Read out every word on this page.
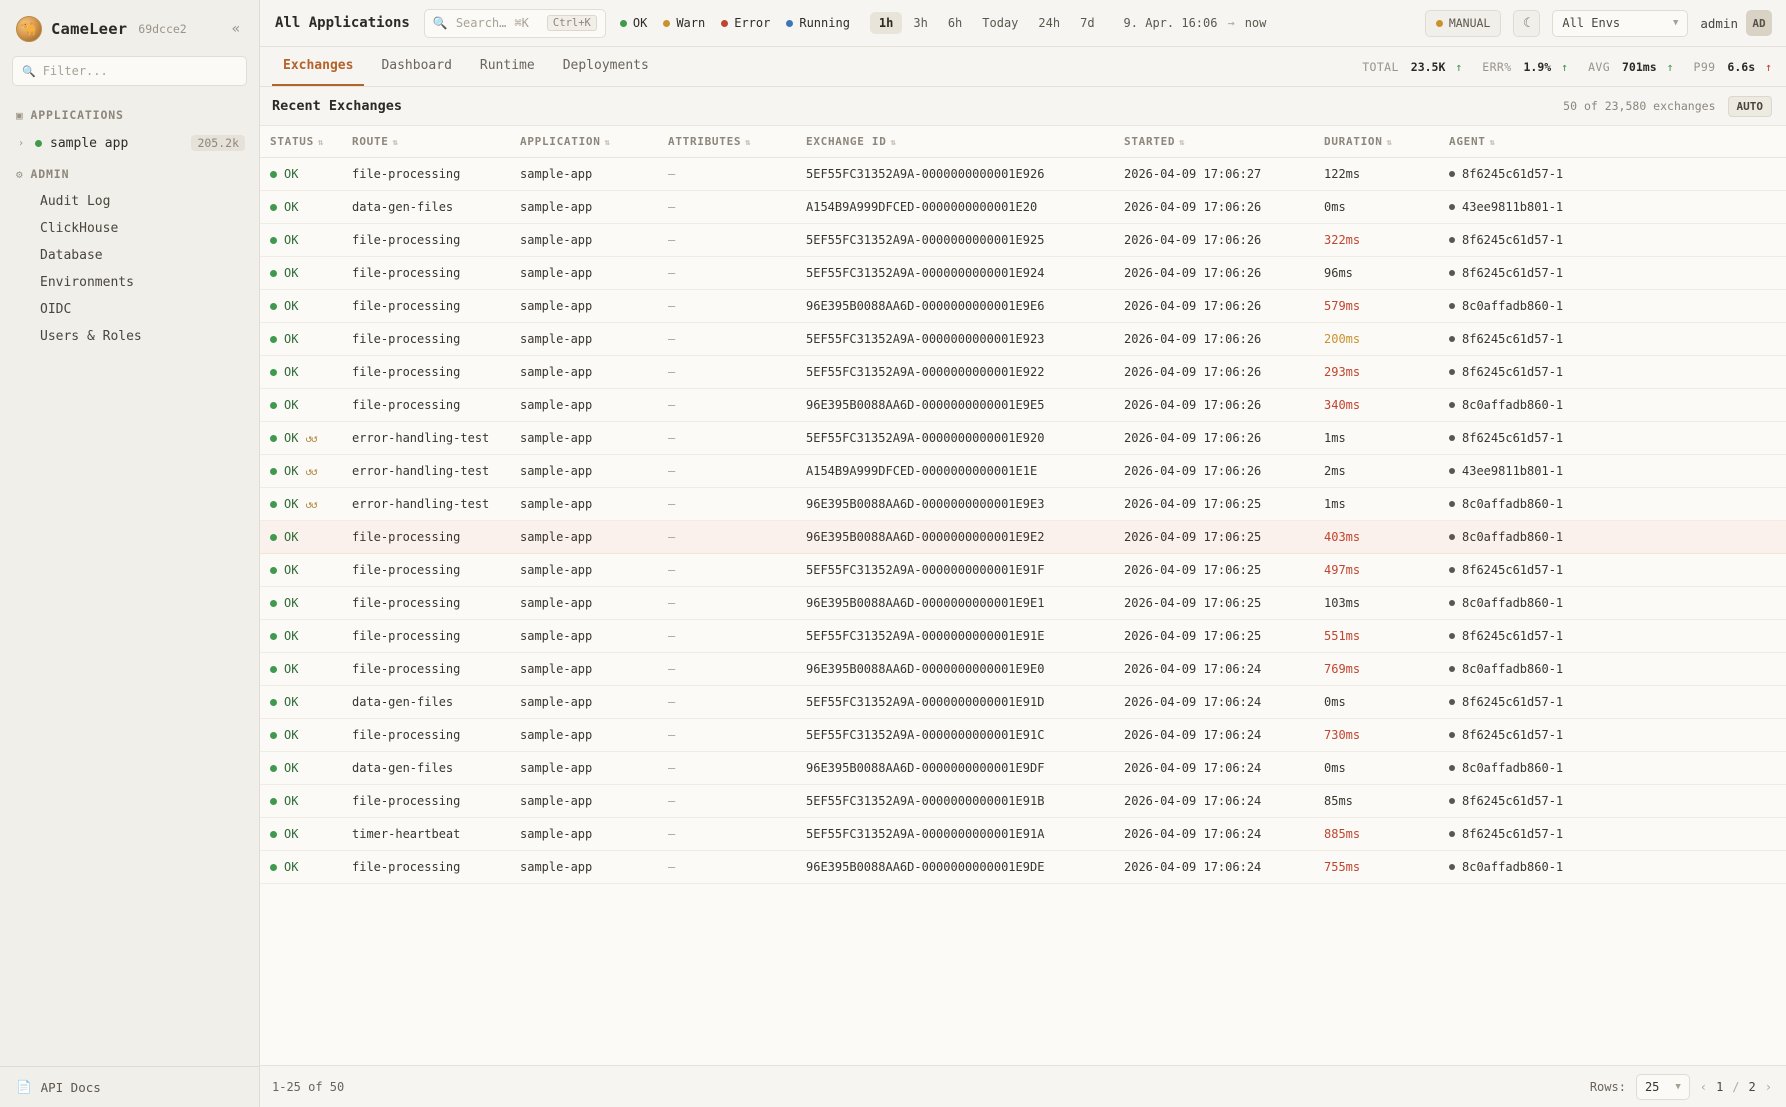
🐪 CameLeer 69dcce2	«
🔍
Filter...
▣ APPLICATIONS
› sample app	205.2k
⚙ ADMIN
Audit Log
ClickHouse
Database
Environments
OIDC
Users & Roles
📄 API Docs
All Applications 🔍 Search… ⌘K	Ctrl+K	OK Warn Error Running	1h	3h	6h	Today	24h	7d	9. Apr. 16:06 → now	MANUAL	☾	All Envs	▼ admin	AD
Exchanges	Dashboard	Runtime	Deployments	TOTAL 23.5K ↑ ERR% 1.9% ↑ AVG 701ms ↑ P99 6.6s ↑
Recent Exchanges	50 of 23,580 exchanges	AUTO
STATUS ⇅	ROUTE ⇅	APPLICATION ⇅	ATTRIBUTES ⇅	EXCHANGE ID ⇅	STARTED ⇅	DURATION ⇅	AGENT ⇅

OK	file-processing	sample-app	—	5EF55FC31352A9A-0000000000001E926	2026-04-09 17:06:27	122ms	8f6245c61d57-1

OK	data-gen-files	sample-app	—	A154B9A999DFCED-0000000000001E20	2026-04-09 17:06:26	0ms	43ee9811b801-1

OK	file-processing	sample-app	—	5EF55FC31352A9A-0000000000001E925	2026-04-09 17:06:26	322ms	8f6245c61d57-1

OK	file-processing	sample-app	—	5EF55FC31352A9A-0000000000001E924	2026-04-09 17:06:26	96ms	8f6245c61d57-1

OK	file-processing	sample-app	—	96E395B0088AA6D-0000000000001E9E6	2026-04-09 17:06:26	579ms	8c0affadb860-1

OK	file-processing	sample-app	—	5EF55FC31352A9A-0000000000001E923	2026-04-09 17:06:26	200ms	8f6245c61d57-1

OK	file-processing	sample-app	—	5EF55FC31352A9A-0000000000001E922	2026-04-09 17:06:26	293ms	8f6245c61d57-1

OK	file-processing	sample-app	—	96E395B0088AA6D-0000000000001E9E5	2026-04-09 17:06:26	340ms	8c0affadb860-1

OK ↺↺	error-handling-test	sample-app	—	5EF55FC31352A9A-0000000000001E920	2026-04-09 17:06:26	1ms	8f6245c61d57-1

OK ↺↺	error-handling-test	sample-app	—	A154B9A999DFCED-0000000000001E1E	2026-04-09 17:06:26	2ms	43ee9811b801-1

OK ↺↺	error-handling-test	sample-app	—	96E395B0088AA6D-0000000000001E9E3	2026-04-09 17:06:25	1ms	8c0affadb860-1

OK	file-processing	sample-app	—	96E395B0088AA6D-0000000000001E9E2	2026-04-09 17:06:25	403ms	8c0affadb860-1

OK	file-processing	sample-app	—	5EF55FC31352A9A-0000000000001E91F	2026-04-09 17:06:25	497ms	8f6245c61d57-1

OK	file-processing	sample-app	—	96E395B0088AA6D-0000000000001E9E1	2026-04-09 17:06:25	103ms	8c0affadb860-1

OK	file-processing	sample-app	—	5EF55FC31352A9A-0000000000001E91E	2026-04-09 17:06:25	551ms	8f6245c61d57-1

OK	file-processing	sample-app	—	96E395B0088AA6D-0000000000001E9E0	2026-04-09 17:06:24	769ms	8c0affadb860-1

OK	data-gen-files	sample-app	—	5EF55FC31352A9A-0000000000001E91D	2026-04-09 17:06:24	0ms	8f6245c61d57-1

OK	file-processing	sample-app	—	5EF55FC31352A9A-0000000000001E91C	2026-04-09 17:06:24	730ms	8f6245c61d57-1

OK	data-gen-files	sample-app	—	96E395B0088AA6D-0000000000001E9DF	2026-04-09 17:06:24	0ms	8c0affadb860-1

OK	file-processing	sample-app	—	5EF55FC31352A9A-0000000000001E91B	2026-04-09 17:06:24	85ms	8f6245c61d57-1

OK	timer-heartbeat	sample-app	—	5EF55FC31352A9A-0000000000001E91A	2026-04-09 17:06:24	885ms	8f6245c61d57-1

OK	file-processing	sample-app	—	96E395B0088AA6D-0000000000001E9DE	2026-04-09 17:06:24	755ms	8c0affadb860-1
1-25 of 50	Rows: 25 ▼ ‹ 1 / 2 ›
